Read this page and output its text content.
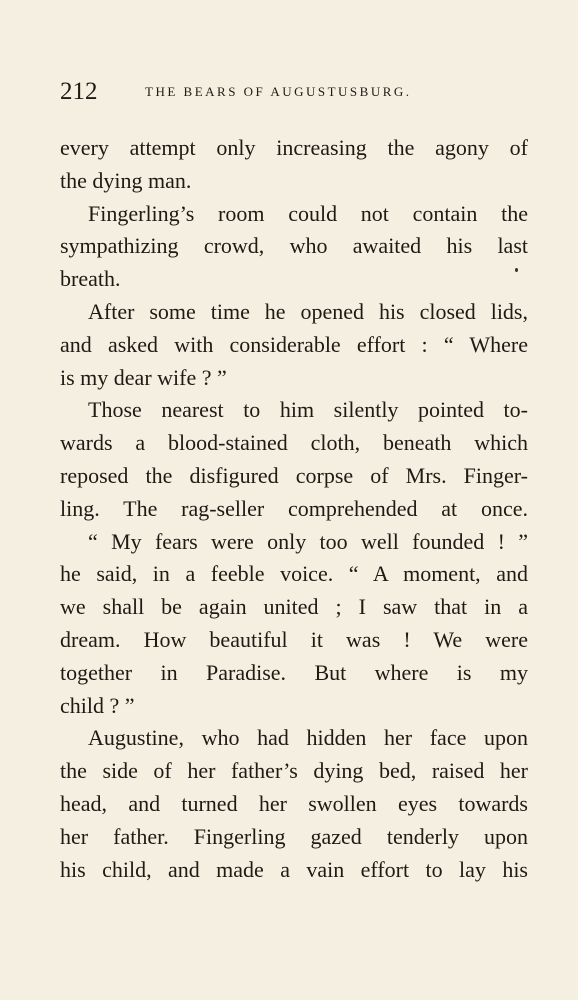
212	THE BEARS OF AUGUSTUSBURG.
every attempt only increasing the agony of
the dying man.
Fingerling’s room could not contain the
sympathizing crowd, who awaited his last
breath.
After some time he opened his closed lids,
and asked with considerable effort : “ Where
is my dear wife ? ”
Those nearest to him silently pointed to-
wards a blood-stained cloth, beneath which
reposed the disfigured corpse of Mrs. Finger-
ling. The rag-seller comprehended at once.
“ My fears were only too well founded ! ”
he said, in a feeble voice. “ A moment, and
we shall be again united ; I saw that in a
dream. How beautiful it was ! We were
together in Paradise. But where is my
child ? ”
Augustine, who had hidden her face upon
the side of her father’s dying bed, raised her
head, and turned her swollen eyes towards
her father. Fingerling gazed tenderly upon
his child, and made a vain effort to lay his
